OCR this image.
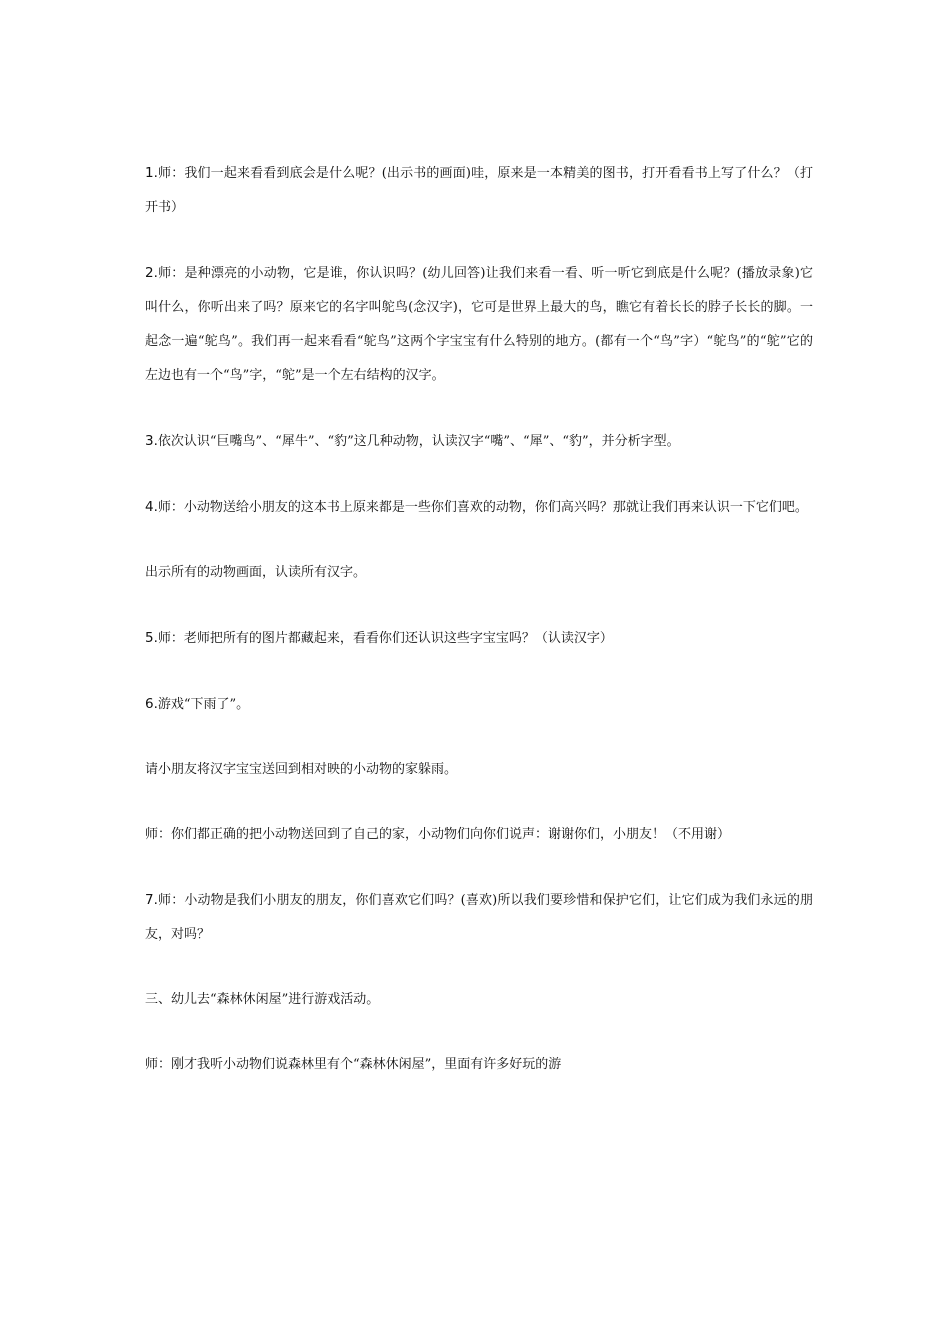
1.师：我们一起来看看到底会是什么呢？(出示书的画面)哇，原来是一本精美的图书，打开看看书上写了什么？（打开书）

2.师：是种漂亮的小动物，它是谁，你认识吗？(幼儿回答)让我们来看一看、听一听它到底是什么呢？(播放录象)它叫什么，你听出来了吗？原来它的名字叫鸵鸟(念汉字)，它可是世界上最大的鸟，瞧它有着长长的脖子长长的脚。一起念一遍“鸵鸟”。我们再一起来看看“鸵鸟”这两个字宝宝有什么特别的地方。(都有一个“鸟”字）“鸵鸟”的“鸵”它的左边也有一个“鸟”字，“鸵”是一个左右结构的汉字。

3.依次认识“巨嘴鸟”、“犀牛”、“豹”这几种动物，认读汉字“嘴”、“犀”、“豹”，并分析字型。

4.师：小动物送给小朋友的这本书上原来都是一些你们喜欢的动物，你们高兴吗？那就让我们再来认识一下它们吧。

出示所有的动物画面，认读所有汉字。

5.师：老师把所有的图片都藏起来，看看你们还认识这些字宝宝吗？（认读汉字）

6.游戏“下雨了”。

请小朋友将汉字宝宝送回到相对映的小动物的家躲雨。

师：你们都正确的把小动物送回到了自己的家，小动物们向你们说声：谢谢你们，小朋友！（不用谢）

7.师：小动物是我们小朋友的朋友，你们喜欢它们吗？(喜欢)所以我们要珍惜和保护它们，让它们成为我们永远的朋友，对吗？

三、幼儿去“森林休闲屋”进行游戏活动。

师：刚才我听小动物们说森林里有个“森林休闲屋”，里面有许多好玩的游
